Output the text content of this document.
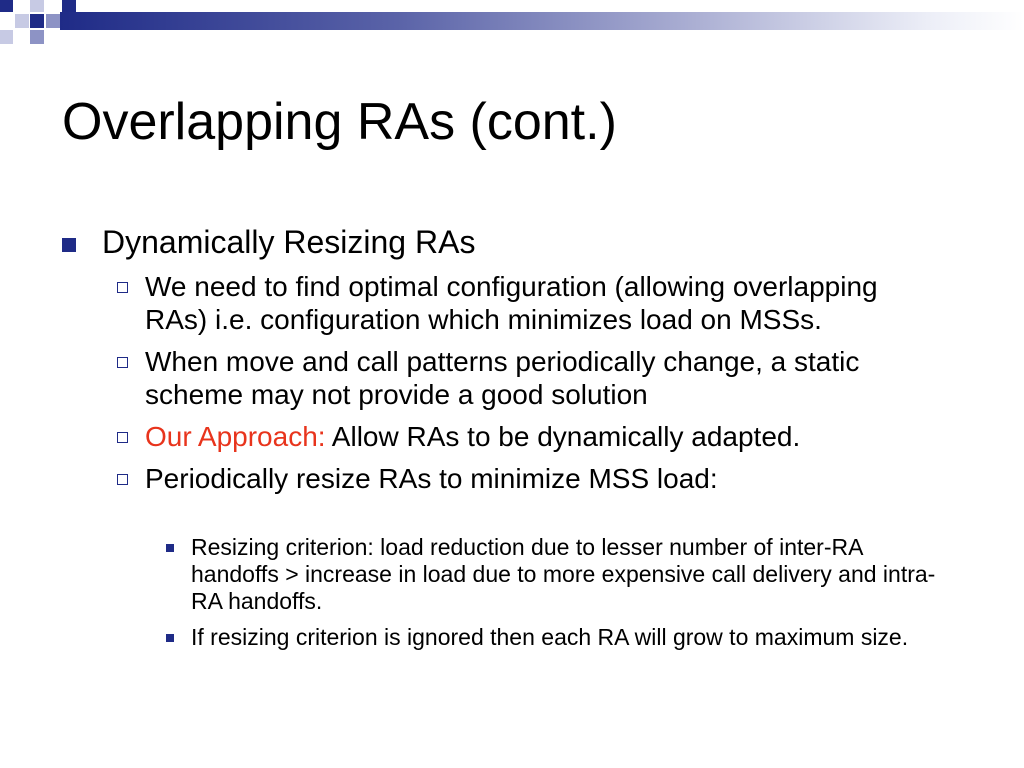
Overlapping RAs (cont.)
Dynamically Resizing RAs
We need to find optimal configuration (allowing overlapping RAs) i.e. configuration which minimizes load on MSSs.
When move and call patterns periodically change, a static scheme may not provide a good solution
Our Approach: Allow RAs to be dynamically adapted.
Periodically resize RAs to minimize MSS load:
Resizing criterion: load reduction due to lesser number of inter-RA handoffs > increase in load due to more expensive call delivery and intra-RA handoffs.
If resizing criterion is ignored then each RA will grow to maximum size.
